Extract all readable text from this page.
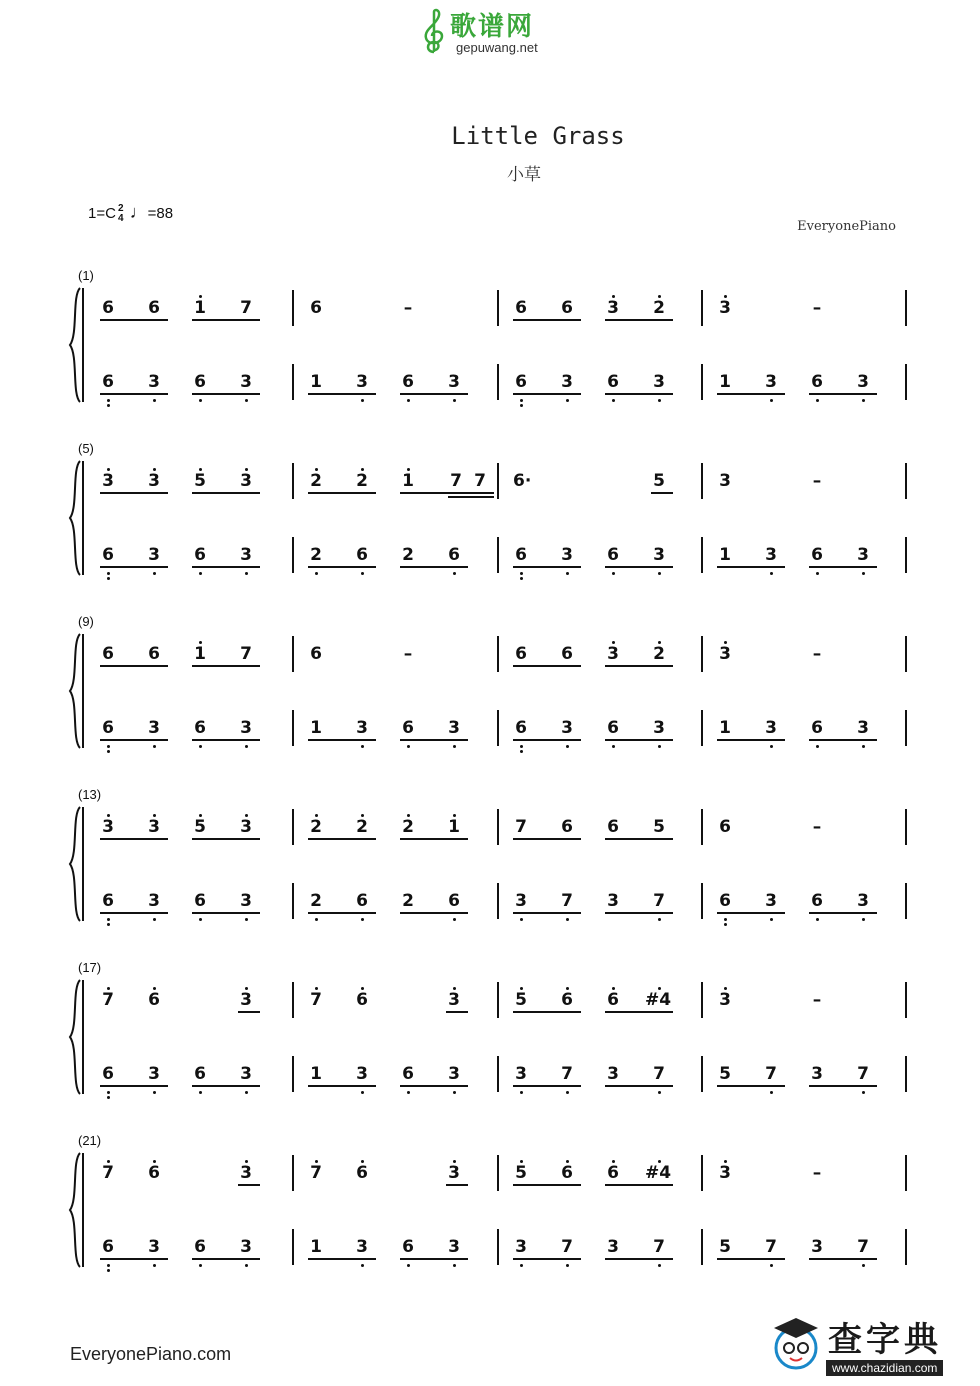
歌谱网
gepuwang.net
Little Grass
小草
1=C 2
4 ♩=88
EveryonePiano
(1)
6 6 1 7	6	–	6 6 3 2	3	–
6 3 6 3	1 3 6 3	6 3 6 3	1 3 6 3
(5)
3 3 5 3	2 2 1 7 7 6·	5	3	–
6 3 6 3	2 6 2 6	6 3 6 3	1 3 6 3
(9)
6 6 1 7	6	–	6 6 3 2	3	–
6 3 6 3	1 3 6 3	6 3 6 3	1 3 6 3
(13)
3 3 5 3	2 2 2 1	7 6 6 5	6	–
6 3 6 3	2 6 2 6	3 7 3 7	6 3 6 3
(17)
7 6	3	7 6	3	5 6 6 #4	3	–
6 3 6 3	1 3 6 3	3 7 3 7	5 7 3 7
(21)
7 6	3	7 6	3	5 6 6 #4	3	–
6 3 6 3	1 3 6 3	3 7 3 7	5 7 3 7
EveryonePiano.com	查字典
www.chazidian.com
